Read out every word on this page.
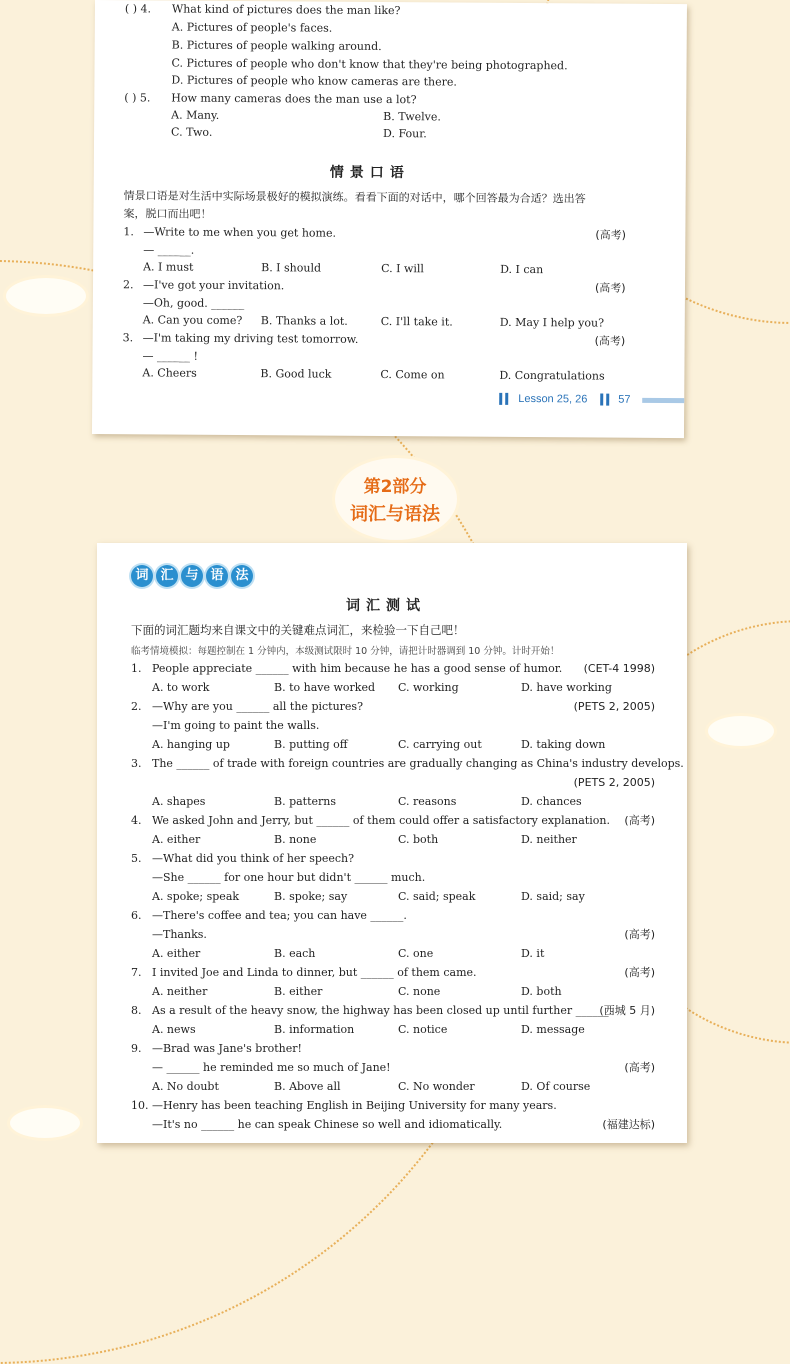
( ) 4. What kind of pictures does the man like?
A. Pictures of people's faces.
B. Pictures of people walking around.
C. Pictures of people who don't know that they're being photographed.
D. Pictures of people who know cameras are there.
( ) 5. How many cameras does the man use a lot?
A. Many.	B. Twelve.
C. Two.	D. Four.
情景口语
情景口语是对生活中实际场景极好的模拟演练。看看下面的对话中，哪个回答最为合适？选出答
案，脱口而出吧！
1. —Write to me when you get home.	(高考)
— ______.
A. I must	B. I should	C. I will	D. I can
2. —I've got your invitation.	(高考)
—Oh, good. ______
A. Can you come? B. Thanks a lot.	C. I'll take it.	D. May I help you?
3. —I'm taking my driving test tomorrow.	(高考)
— ______ !
A. Cheers	B. Good luck	C. Come on	D. Congratulations
Lesson 25, 26	57
第2部分
词汇与语法
词 汇 与 语 法
词汇测试
下面的词汇题均来自课文中的关键难点词汇，来检验一下自己吧！
临考情境模拟：每题控制在 1 分钟内，本级测试限时 10 分钟，请把计时器调到 10 分钟。计时开始！
1. People appreciate ______ with him because he has a good sense of humor. (CET-4 1998)
A. to work	B. to have worked C. working	D. have working
2. —Why are you ______ all the pictures?
—I'm going to paint the walls.
(PETS 2, 2005)
A. hanging up	B. putting off	C. carrying out	D. taking down
3. The ______ of trade with foreign countries are gradually changing as China's industry develops.
(PETS 2, 2005)
A. shapes	B. patterns	C. reasons	D. chances
4. We asked John and Jerry, but ______ of them could offer a satisfactory explanation. (高考)
A. either	B. none	C. both	D. neither
5. —What did you think of her speech?
—She ______ for one hour but didn't ______ much.
A. spoke; speak	B. spoke; say	C. said; speak	D. said; say
6. —There's coffee and tea; you can have ______.
—Thanks.	(高考)
A. either	B. each	C. one	D. it
7. I invited Joe and Linda to dinner, but ______ of them came.	(高考)
A. neither	B. either	C. none	D. both
8. As a result of the heavy snow, the highway has been closed up until further ______.
(西城 5 月)
A. news	B. information	C. notice	D. message
9. —Brad was Jane's brother!
— ______ he reminded me so much of Jane!	(高考)
A. No doubt	B. Above all	C. No wonder	D. Of course
10. —Henry has been teaching English in Beijing University for many years.
—It's no ______ he can speak Chinese so well and idiomatically.	(福建达标)
